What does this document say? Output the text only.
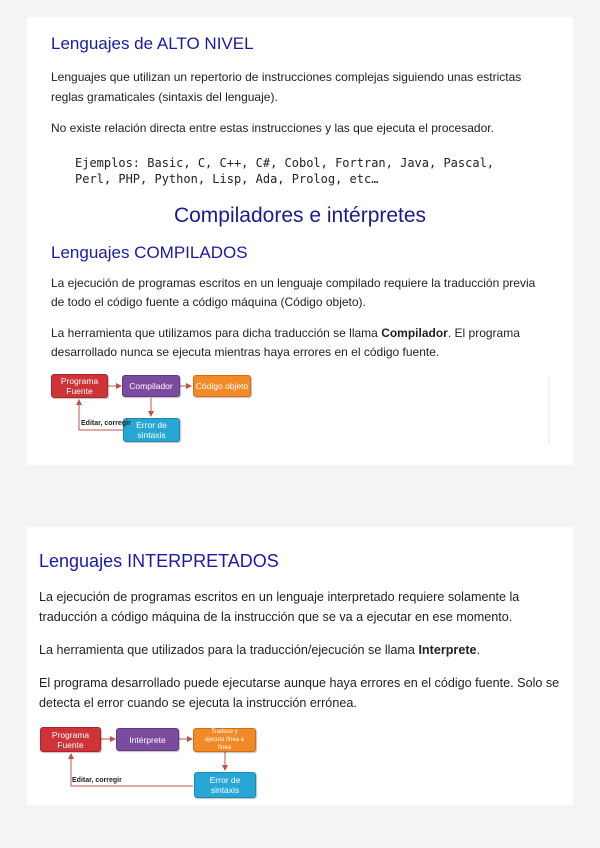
Lenguajes de ALTO NIVEL

Lenguajes que utilizan un repertorio de instrucciones complejas siguiendo unas estrictas reglas gramaticales (sintaxis del lenguaje).

No existe relación directa entre estas instrucciones y las que ejecuta el procesador.

Ejemplos: Basic, C, C++, C#, Cobol, Fortran, Java, Pascal,
Perl, PHP, Python, Lisp, Ada, Prolog, etc…
Compiladores e intérpretes
Lenguajes COMPILADOS

La ejecución de programas escritos en un lenguaje compilado requiere la traducción previa de todo el código fuente a código máquina (Código objeto).

La herramienta que utilizamos para dicha traducción se llama Compilador. El programa desarrollado nunca se ejecuta mientras haya errores en el código fuente.

Programa Fuente	Compilador	Código objeto
Error de sintaxis
Editar, corregir
Lenguajes INTERPRETADOS

La ejecución de programas escritos en un lenguaje interpretado requiere solamente la traducción a código máquina de la instrucción que se va a ejecutar en ese momento.

La herramienta que utilizados para la traducción/ejecución se llama Interprete.

El programa desarrollado puede ejecutarse aunque haya errores en el código fuente. Solo se detecta el error cuando se ejecuta la instrucción errónea.

Programa Fuente	Intérprete
Traduce y ejecuta línea a línea
Error de sintaxis
Editar, corregir
